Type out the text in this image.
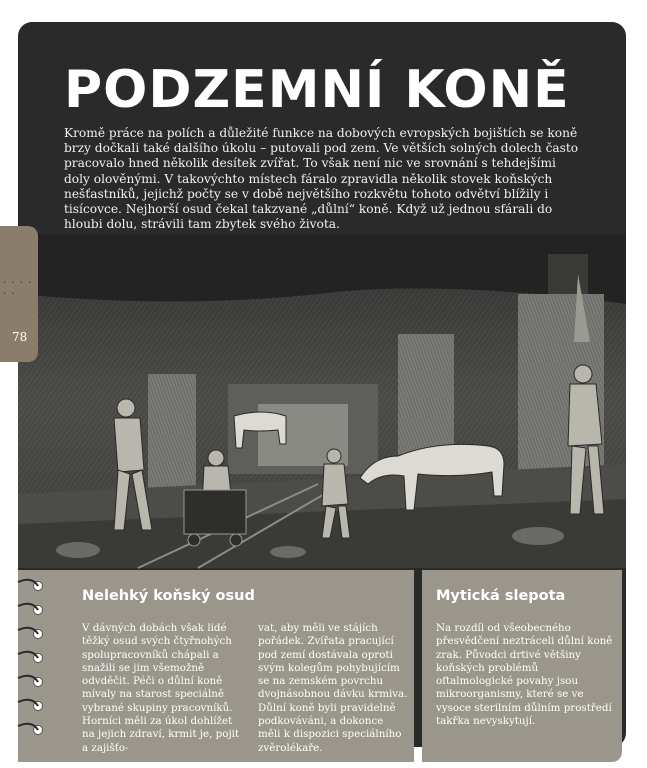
PODZEMNÍ KONĚ

Kromě práce na polích a důležité funkce na dobových evropských bojištích se koně brzy dočkali také dalšího úkolu – putovali pod zem. Ve větších solných dolech často pracovalo hned několik desítek zvířat. To však není nic ve srovnání s tehdejšími doly olověnými. V takovýchto místech fáralo zpravidla několik stovek koňských nešťastníků, jejichž počty se v době největšího rozkvětu tohoto odvětví blížily i tisícovce. Nejhorší osud čekal takzvané „důlní“ koně. Když už jednou sfárali do hloubi dolu, strávili tam zbytek svého života.

Nelehký koňský osud

V dávných dobách však lidé těžký osud svých čtyřnohých spolupracovníků chápali a snažili se jim všemožně odvděčit. Péči o důlní koně mívaly na starost speciálně vybrané skupiny pracovníků. Horníci měli za úkol dohlížet na jejich zdraví, krmit je, pojit a zajišťo-

vat, aby měli ve stájích pořádek. Zvířata pracující pod zemí dostávala oproti svým kolegům pohybujícím se na zemském povrchu dvojnásobnou dávku krmiva. Důlní koně byli pravidelně podkováváni, a dokonce měli k dispozici speciálního zvěrolékaře.

Mytická slepota

Na rozdíl od všeobecného přesvědčení neztráceli důlní koně zrak. Původci drtivé většiny koňských problémů oftalmologické povahy jsou mikroorganismy, které se ve vysoce sterilním důlním prostředí takřka nevyskytují.

· · · · · ·
78
